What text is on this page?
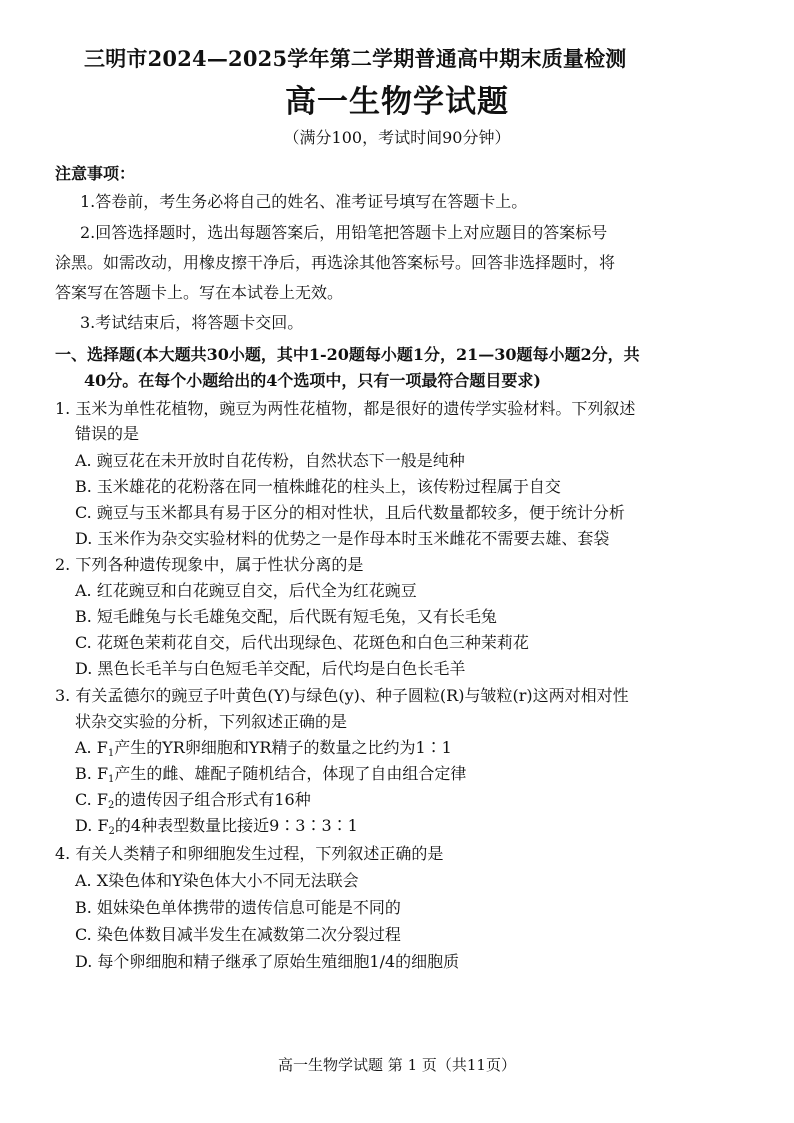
三明市2024—2025学年第二学期普通高中期末质量检测
高一生物学试题
（满分100，考试时间90分钟）
注意事项：
1.答卷前，考生务必将自己的姓名、准考证号填写在答题卡上。
2.回答选择题时，选出每题答案后，用铅笔把答题卡上对应题目的答案标号
涂黑。如需改动，用橡皮擦干净后，再选涂其他答案标号。回答非选择题时，将
答案写在答题卡上。写在本试卷上无效。
3.考试结束后，将答题卡交回。
一、选择题(本大题共30小题，其中1-20题每小题1分，21—30题每小题2分，共
40分。在每个小题给出的4个选项中，只有一项最符合题目要求)
1. 玉米为单性花植物，豌豆为两性花植物，都是很好的遗传学实验材料。下列叙述
错误的是
A. 豌豆花在未开放时自花传粉，自然状态下一般是纯种
B. 玉米雄花的花粉落在同一植株雌花的柱头上，该传粉过程属于自交
C. 豌豆与玉米都具有易于区分的相对性状，且后代数量都较多，便于统计分析
D. 玉米作为杂交实验材料的优势之一是作母本时玉米雌花不需要去雄、套袋
2. 下列各种遗传现象中，属于性状分离的是
A. 红花豌豆和白花豌豆自交，后代全为红花豌豆
B. 短毛雌兔与长毛雄兔交配，后代既有短毛兔，又有长毛兔
C. 花斑色茉莉花自交，后代出现绿色、花斑色和白色三种茉莉花
D. 黑色长毛羊与白色短毛羊交配，后代均是白色长毛羊
3. 有关孟德尔的豌豆子叶黄色(Y)与绿色(y)、种子圆粒(R)与皱粒(r)这两对相对性
状杂交实验的分析，下列叙述正确的是
A. $F_1$产生的YR卵细胞和YR精子的数量之比约为1∶1
B. $F_1$产生的雌、雄配子随机结合，体现了自由组合定律
C. $F_2$的遗传因子组合形式有16种
D. $F_2$的4种表型数量比接近9∶3∶3∶1
4. 有关人类精子和卵细胞发生过程，下列叙述正确的是
A. X染色体和Y染色体大小不同无法联会
B. 姐妹染色单体携带的遗传信息可能是不同的
C. 染色体数目减半发生在减数第二次分裂过程
D. 每个卵细胞和精子继承了原始生殖细胞1/4的细胞质
高一生物学试题 第 1 页（共11页）
